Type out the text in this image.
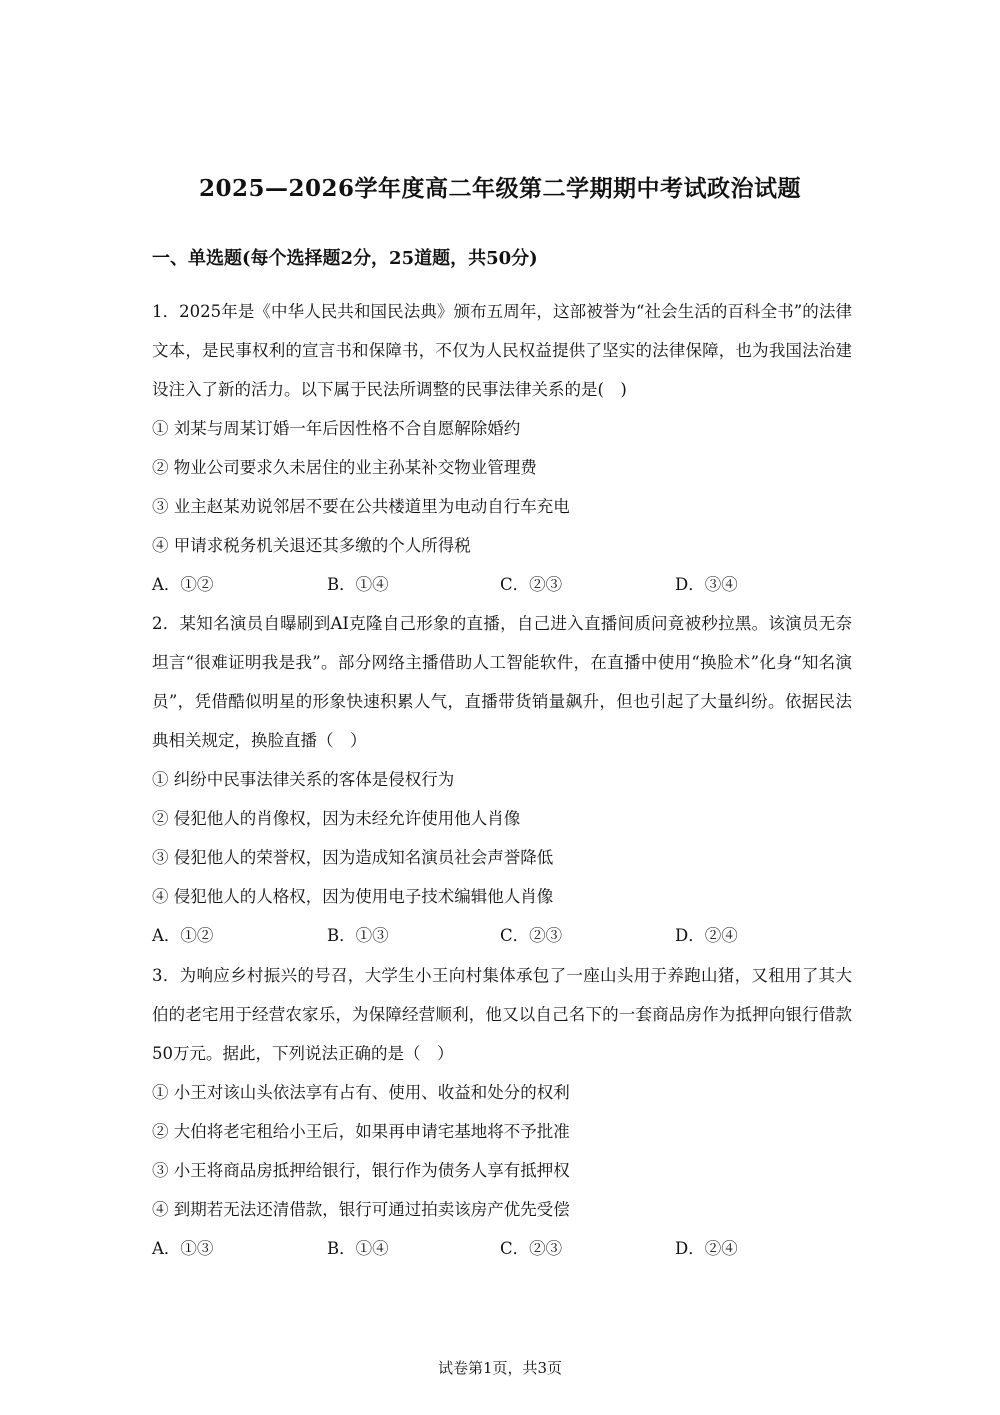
2025—2026学年度高二年级第二学期期中考试政治试题
一、单选题(每个选择题2分，25道题，共50分)

1．2025年是《中华人民共和国民法典》颁布五周年，这部被誉为“社会生活的百科全书”的法律文本，是民事权利的宣言书和保障书，不仅为人民权益提供了坚实的法律保障，也为我国法治建设注入了新的活力。以下属于民法所调整的民事法律关系的是(　)

① 刘某与周某订婚一年后因性格不合自愿解除婚约
② 物业公司要求久未居住的业主孙某补交物业管理费
③ 业主赵某劝说邻居不要在公共楼道里为电动自行车充电
④ 甲请求税务机关退还其多缴的个人所得税
A．①②	B．①④	C．②③	D．③④

2．某知名演员自曝刷到AI克隆自己形象的直播，自己进入直播间质问竟被秒拉黑。该演员无奈坦言“很难证明我是我”。部分网络主播借助人工智能软件，在直播中使用“换脸术”化身“知名演员”，凭借酷似明星的形象快速积累人气，直播带货销量飙升，但也引起了大量纠纷。依据民法典相关规定，换脸直播（　）

① 纠纷中民事法律关系的客体是侵权行为
② 侵犯他人的肖像权，因为未经允许使用他人肖像
③ 侵犯他人的荣誉权，因为造成知名演员社会声誉降低
④ 侵犯他人的人格权，因为使用电子技术编辑他人肖像
A．①②	B．①③	C．②③	D．②④

3．为响应乡村振兴的号召，大学生小王向村集体承包了一座山头用于养跑山猪，又租用了其大伯的老宅用于经营农家乐，为保障经营顺利，他又以自己名下的一套商品房作为抵押向银行借款50万元。据此，下列说法正确的是（　）

① 小王对该山头依法享有占有、使用、收益和处分的权利
② 大伯将老宅租给小王后，如果再申请宅基地将不予批准
③ 小王将商品房抵押给银行，银行作为债务人享有抵押权
④ 到期若无法还清借款，银行可通过拍卖该房产优先受偿
A．①③	B．①④	C．②③	D．②④
试卷第1页，共3页
